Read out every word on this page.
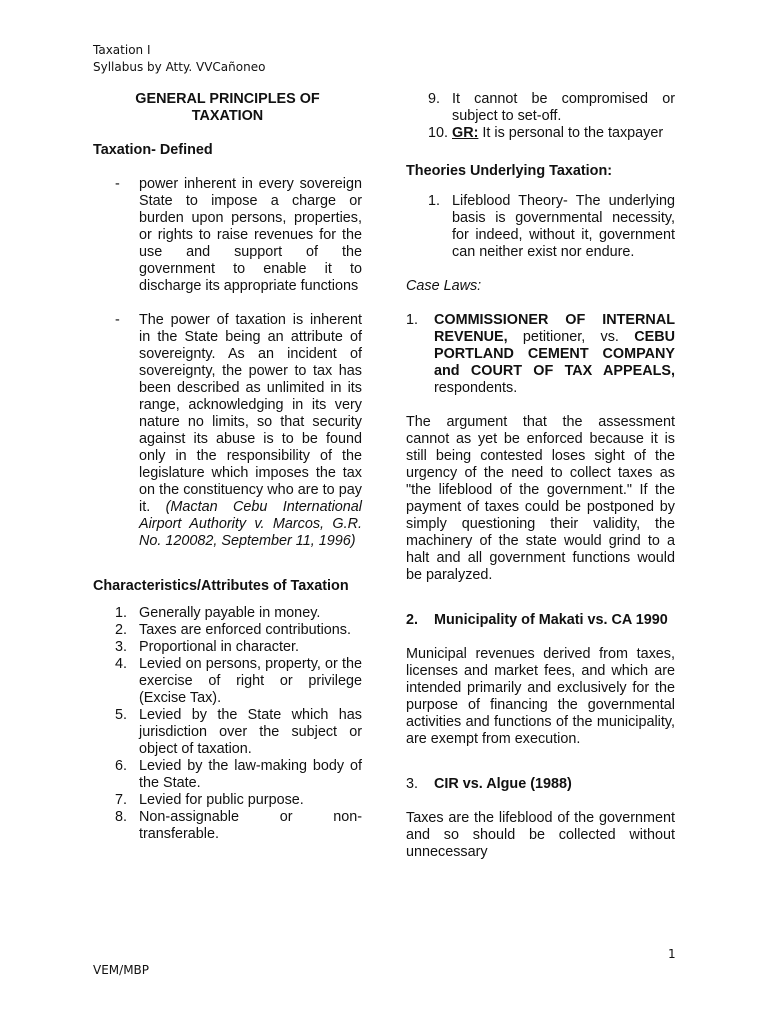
Taxation I
Syllabus by Atty. VVCañoneo

GENERAL PRINCIPLES OF TAXATION

Taxation- Defined

- power inherent in every sovereign State to impose a charge or burden upon persons, properties, or rights to raise revenues for the use and support of the government to enable it to discharge its appropriate functions
- The power of taxation is inherent in the State being an attribute of sovereignty. As an incident of sovereignty, the power to tax has been described as unlimited in its range, acknowledging in its very nature no limits, so that security against its abuse is to be found only in the responsibility of the legislature which imposes the tax on the constituency who are to pay it. (Mactan Cebu International Airport Authority v. Marcos, G.R. No. 120082, September 11, 1996)

Characteristics/Attributes of Taxation

1. Generally payable in money.
2. Taxes are enforced contributions.
3. Proportional in character.
4. Levied on persons, property, or the exercise of right or privilege (Excise Tax).
5. Levied by the State which has jurisdiction over the subject or object of taxation.
6. Levied by the law-making body of the State.
7. Levied for public purpose.
8. Non-assignable or non-transferable.
9. It cannot be compromised or subject to set-off.
10. GR: It is personal to the taxpayer

Theories Underlying Taxation:

1. Lifeblood Theory- The underlying basis is governmental necessity, for indeed, without it, government can neither exist nor endure.

Case Laws:

1. COMMISSIONER OF INTERNAL REVENUE, petitioner, vs. CEBU PORTLAND CEMENT COMPANY and COURT OF TAX APPEALS, respondents.

The argument that the assessment cannot as yet be enforced because it is still being contested loses sight of the urgency of the need to collect taxes as "the lifeblood of the government." If the payment of taxes could be postponed by simply questioning their validity, the machinery of the state would grind to a halt and all government functions would be paralyzed.

2. Municipality of Makati vs. CA 1990

Municipal revenues derived from taxes, licenses and market fees, and which are intended primarily and exclusively for the purpose of financing the governmental activities and functions of the municipality, are exempt from execution.

3. CIR vs. Algue (1988)

Taxes are the lifeblood of the government and so should be collected without unnecessary

1
VEM/MBP
